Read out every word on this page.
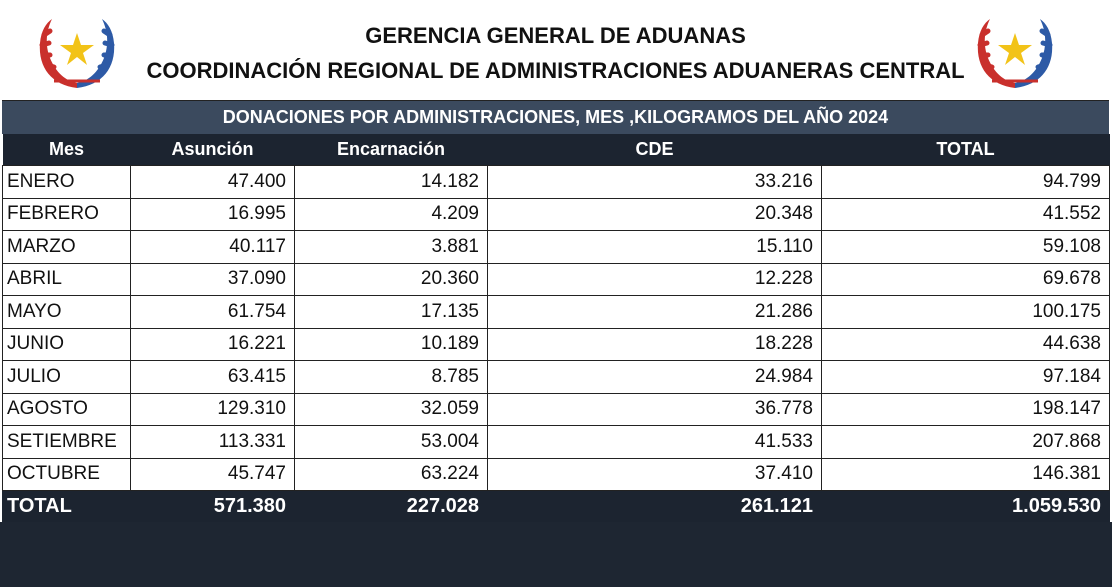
GERENCIA GENERAL DE ADUANAS
COORDINACIÓN REGIONAL DE ADMINISTRACIONES ADUANERAS CENTRAL
DONACIONES POR ADMINISTRACIONES, MES ,KILOGRAMOS DEL AÑO 2024
Mes	Asunción	Encarnación	CDE	TOTAL
ENERO	47.400	14.182	33.216	94.799
FEBRERO	16.995	4.209	20.348	41.552
MARZO	40.117	3.881	15.110	59.108
ABRIL	37.090	20.360	12.228	69.678
MAYO	61.754	17.135	21.286	100.175
JUNIO	16.221	10.189	18.228	44.638
JULIO	63.415	8.785	24.984	97.184
AGOSTO	129.310	32.059	36.778	198.147
SETIEMBRE	113.331	53.004	41.533	207.868
OCTUBRE	45.747	63.224	37.410	146.381
TOTAL	571.380	227.028	261.121	1.059.530
